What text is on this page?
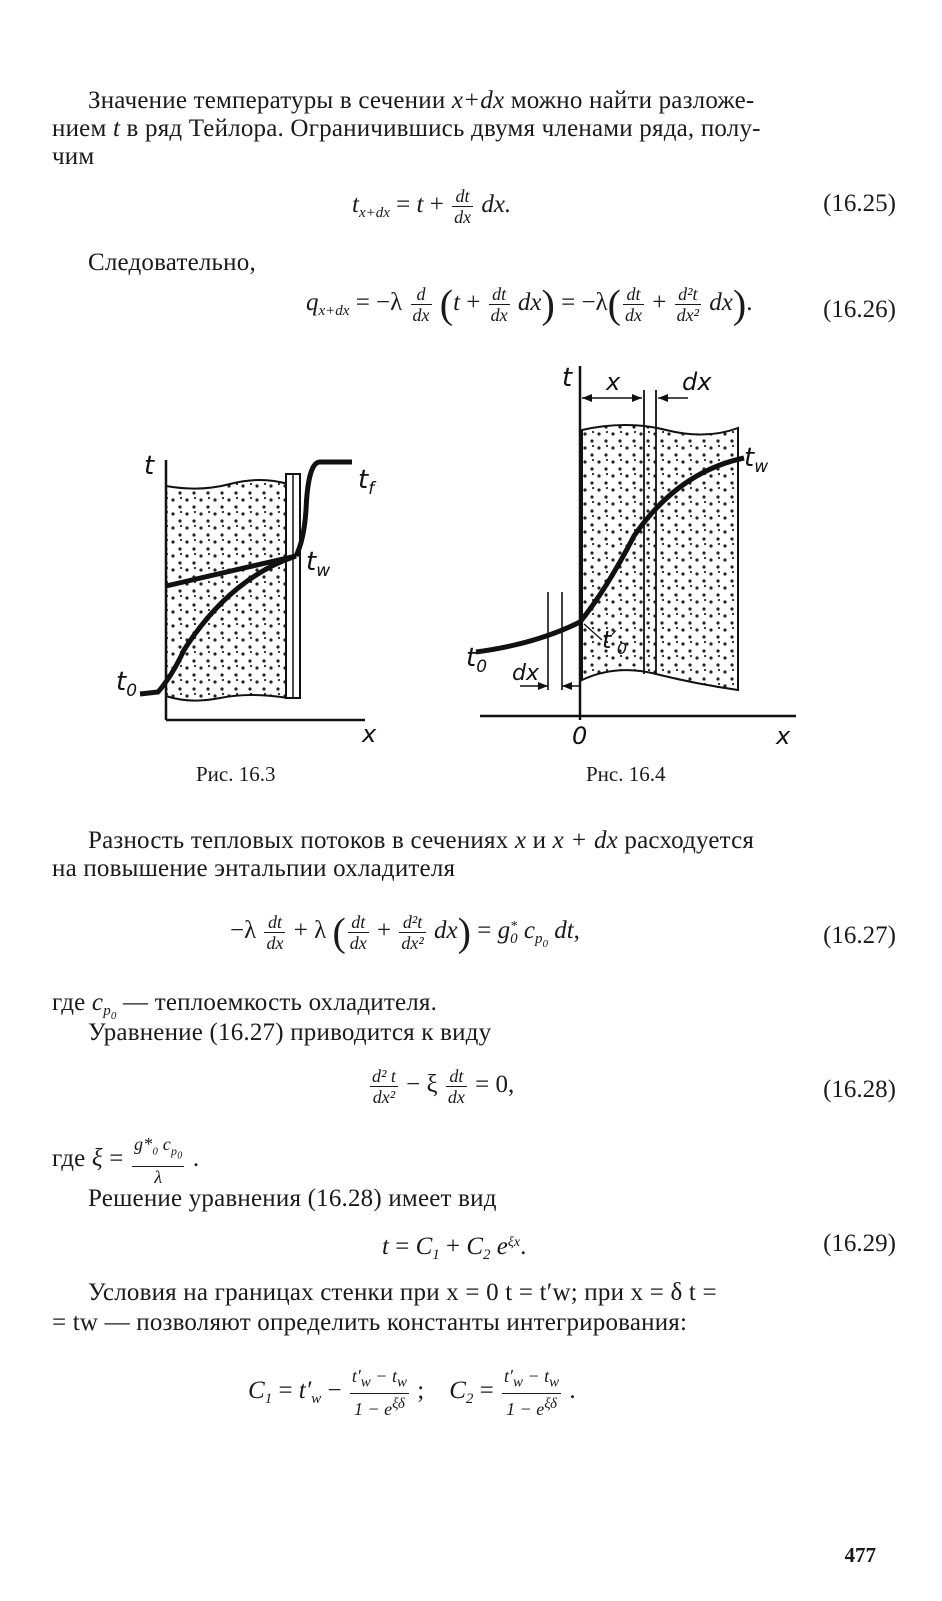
Значение температуры в сечении x+dx можно найти разложе-
нием t в ряд Тейлора. Ограничившись двумя членами ряда, полу-
чим
$t_{x+dx} = t + \frac{dt}{dx}$ dx.	(16.25)
Следовательно,
$q_{x+dx} = -\lambda \frac{d}{dx} (t + \frac{dt}{dx} dx) = -\lambda( \frac{dt}{dx} + \frac{\text{d²t}}{\text{dx²}} dx)$.	(16.26)
t	$t_f$
$t_w$
$t_0$
x
Рис. 16.3
t x	dx
$t_w$
$t'_0$
$t_0$ dx
0	x
Рнс. 16.4
Разность тепловых потоков в сечениях x и x + dx расходуется
на повышение энтальпии охладителя
$-\lambda \frac{dt}{dx} + \lambda$ ( $\frac{dt}{dx} + \frac{\text{d²t}}{\text{dx²}} dx) = g^*_0$ $c_{p_0}$ dt,	(16.27)
где $c_{p_0}$ — теплоемкость охладителя.
Уравнение (16.27) приводится к виду
$\frac{\text{d² t}}{\text{dx²}} - \xi \frac{dt}{dx} = 0$,	(16.28)
где $\xi = \frac{g*_0 c_{p_0}}{\lambda}$ .
Решение уравнения (16.28) имеет вид
$t = C_1 + C_2$ $e^{\xi x}$.	(16.29)
Условия на границах стенки при x = 0 t = t′w; при x = δ t =
= tw — позволяют определить константы интегрирования:
$C_1 = t'_w - \frac{t'_w - t_w}{1 - e^{\xi\delta}}$ ;    $C_2 = \frac{t'_w - t_w}{1 - e^{\xi\delta}}$ .
477
